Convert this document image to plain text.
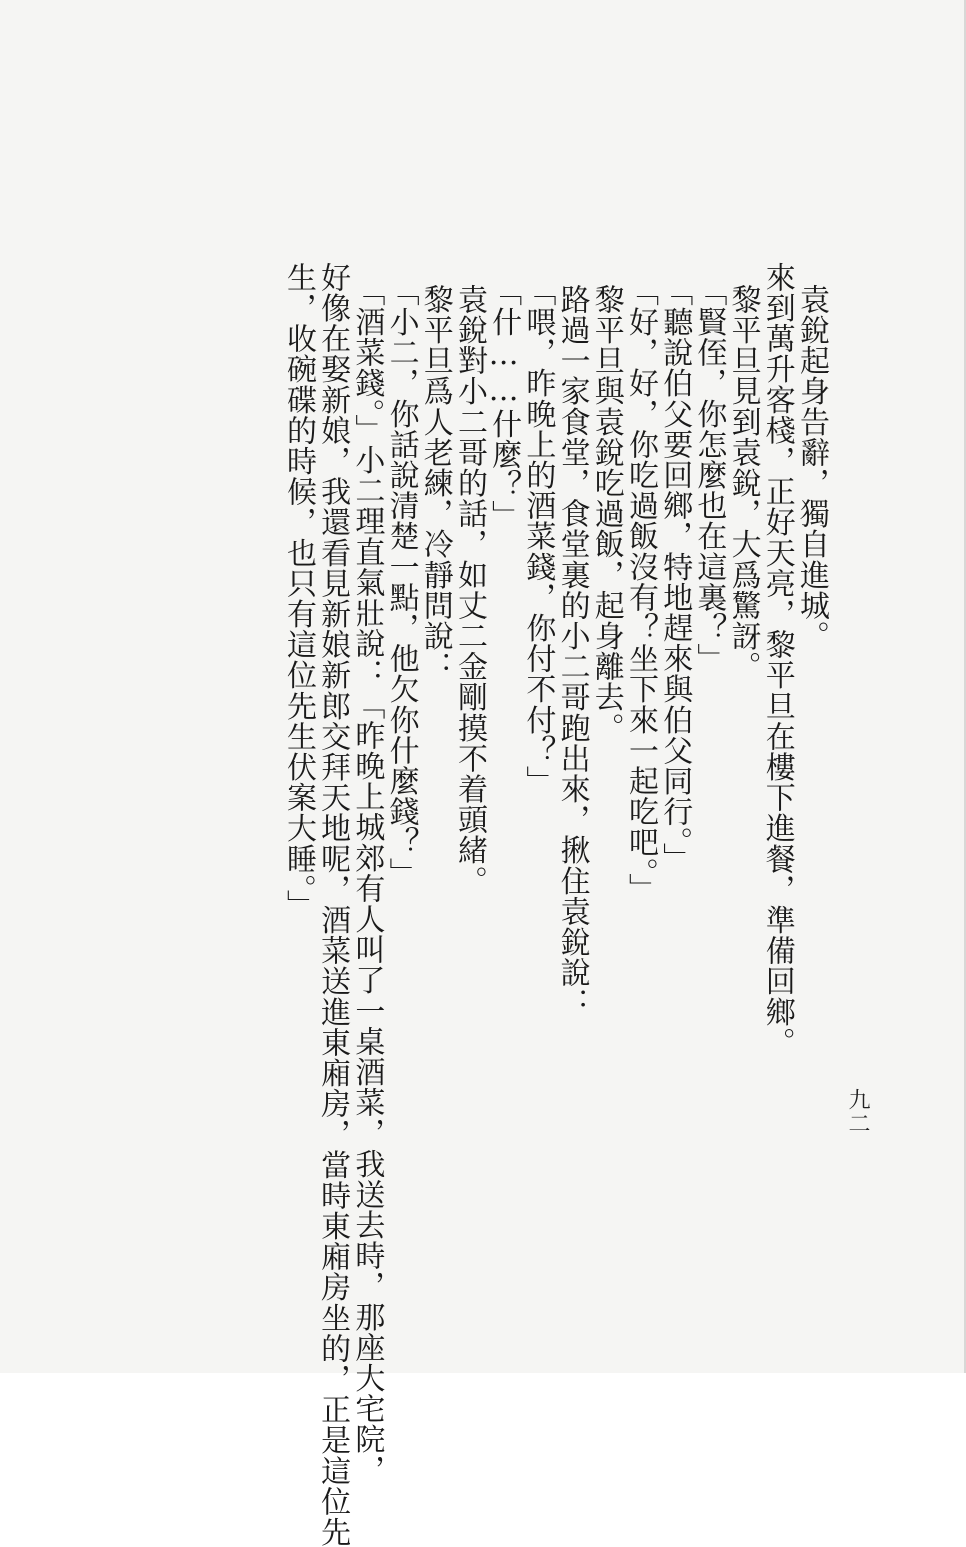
九二
袁銳起身告辭，獨自進城。
來到萬升客棧，正好天亮，黎平旦在樓下進餐，準備回鄉。
黎平旦見到袁銳，大爲驚訝。
「賢侄，你怎麼也在這裏？」
「聽說伯父要回鄉，特地趕來與伯父同行。」
「好，好，你吃過飯沒有？坐下來一起吃吧。」
黎平旦與袁銳吃過飯，起身離去。
路過一家食堂，食堂裏的小二哥跑出來，揪住袁銳說：
「喂，昨晚上的酒菜錢，你付不付？」
「什……什麼？」
袁銳對小二哥的話，如丈二金剛摸不着頭緒。
黎平旦爲人老練，冷靜問說：
「小二，你話說清楚一點，他欠你什麼錢？」
「酒菜錢。」小二理直氣壯說：「昨晚上城郊有人叫了一桌酒菜，我送去時，那座大宅院，
好像在娶新娘，我還看見新娘新郎交拜天地呢，酒菜送進東廂房，當時東廂房坐的，正是這位先
生，收碗碟的時候，也只有這位先生伏案大睡。」
